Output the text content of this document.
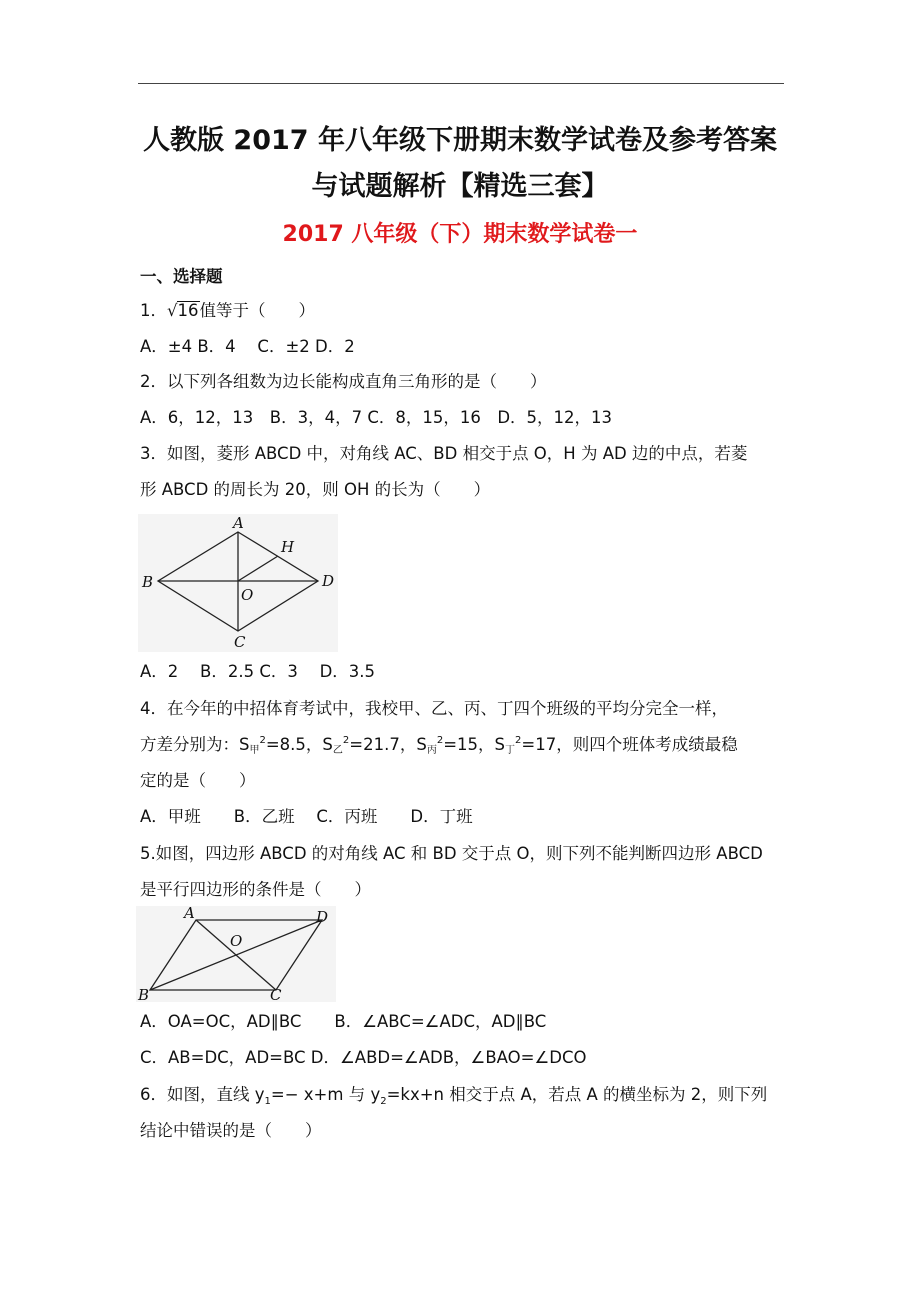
人教版 2017 年八年级下册期末数学试卷及参考答案
与试题解析【精选三套】
2017 八年级（下）期末数学试卷一
一、选择题
1．√16值等于（　　）
A．±4 B．4　 C．±2 D．2
2．以下列各组数为边长能构成直角三角形的是（　　）
A．6，12，13　B．3，4，7 C．8，15，16　D．5，12，13
3．如图，菱形 ABCD 中，对角线 AC、BD 相交于点 O，H 为 AD 边的中点，若菱
形 ABCD 的周长为 20，则 OH 的长为（　　）
A
B
C
D
H
O
A．2　 B．2.5 C．3　 D．3.5
4．在今年的中招体育考试中，我校甲、乙、丙、丁四个班级的平均分完全一样，
方差分别为：S甲$^2$=8.5，S乙$^2$=21.7，S丙$^2$=15，S丁$^2$=17，则四个班体考成绩最稳
定的是（　　）
A．甲班　　B．乙班　 C．丙班　　D．丁班
5.如图，四边形 ABCD 的对角线 AC 和 BD 交于点 O，则下列不能判断四边形 ABCD
是平行四边形的条件是（　　）
A
B	C
D
O
A．OA=OC，AD∥BC　　B．∠ABC=∠ADC，AD∥BC
C．AB=DC，AD=BC D．∠ABD=∠ADB，∠BAO=∠DCO
6．如图，直线 $y_1=- x+m$ 与 $y_2=kx+n$ 相交于点 A，若点 A 的横坐标为 2，则下列
结论中错误的是（　　）
